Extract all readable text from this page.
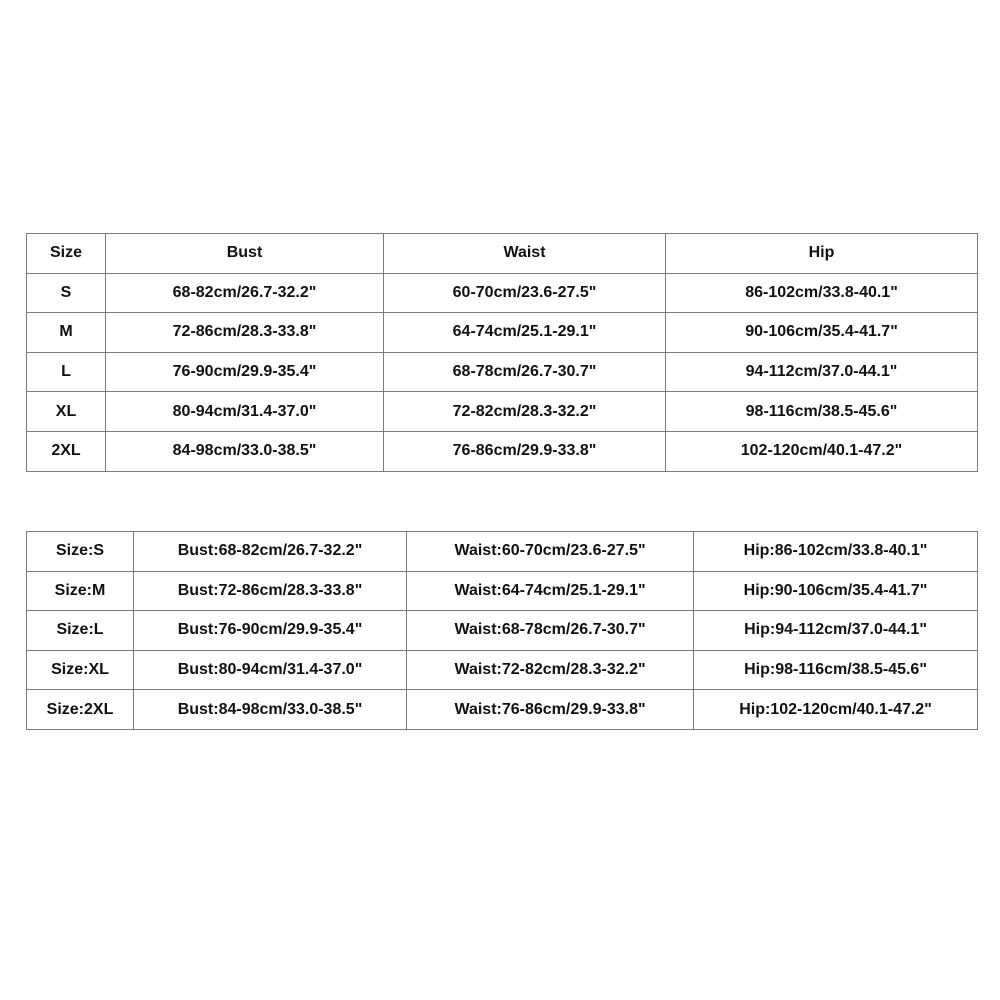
Size	Bust	Waist	Hip
S	68-82cm/26.7-32.2"	60-70cm/23.6-27.5"	86-102cm/33.8-40.1"
M	72-86cm/28.3-33.8"	64-74cm/25.1-29.1"	90-106cm/35.4-41.7"
L	76-90cm/29.9-35.4"	68-78cm/26.7-30.7"	94-112cm/37.0-44.1"
XL	80-94cm/31.4-37.0"	72-82cm/28.3-32.2"	98-116cm/38.5-45.6"
2XL	84-98cm/33.0-38.5"	76-86cm/29.9-33.8"	102-120cm/40.1-47.2"
Size:S	Bust:68-82cm/26.7-32.2"	Waist:60-70cm/23.6-27.5"	Hip:86-102cm/33.8-40.1"
Size:M	Bust:72-86cm/28.3-33.8"	Waist:64-74cm/25.1-29.1"	Hip:90-106cm/35.4-41.7"
Size:L	Bust:76-90cm/29.9-35.4"	Waist:68-78cm/26.7-30.7"	Hip:94-112cm/37.0-44.1"
Size:XL	Bust:80-94cm/31.4-37.0"	Waist:72-82cm/28.3-32.2"	Hip:98-116cm/38.5-45.6"
Size:2XL	Bust:84-98cm/33.0-38.5"	Waist:76-86cm/29.9-33.8"	Hip:102-120cm/40.1-47.2"
